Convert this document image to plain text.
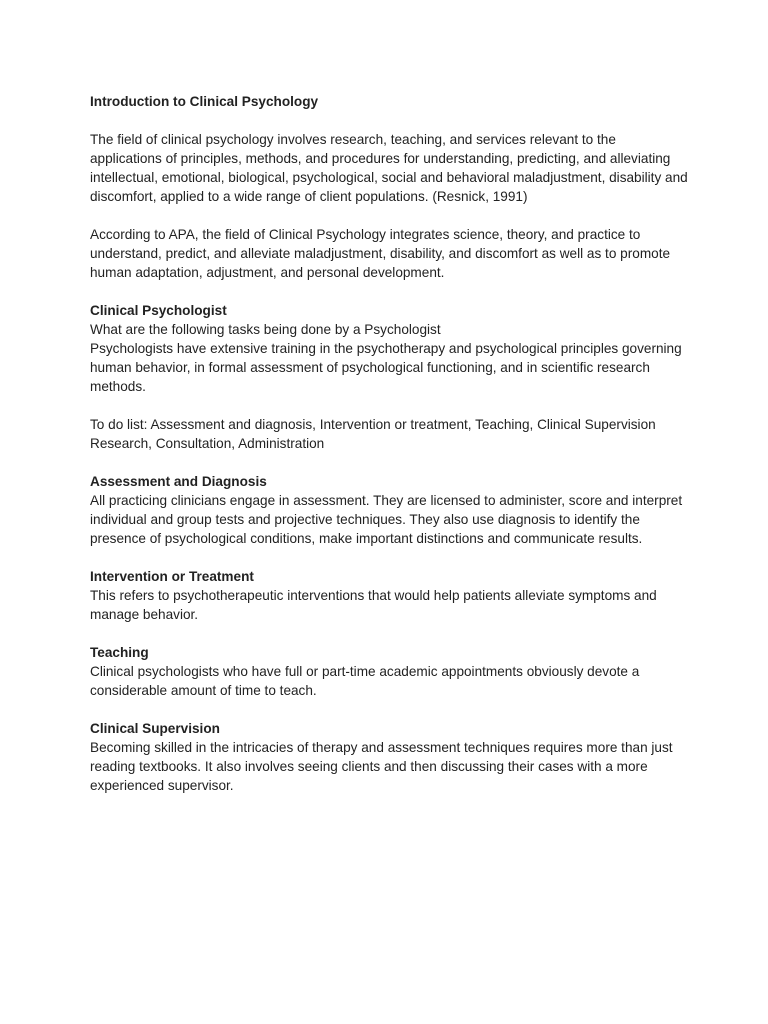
Introduction to Clinical Psychology

The field of clinical psychology involves research, teaching, and services relevant to the applications of principles, methods, and procedures for understanding, predicting, and alleviating intellectual, emotional, biological, psychological, social and behavioral maladjustment, disability and discomfort, applied to a wide range of client populations. (Resnick, 1991)

According to APA, the field of Clinical Psychology integrates science, theory, and practice to understand, predict, and alleviate maladjustment, disability, and discomfort as well as to promote human adaptation, adjustment, and personal development.

Clinical Psychologist
What are the following tasks being done by a Psychologist
Psychologists have extensive training in the psychotherapy and psychological principles governing human behavior, in formal assessment of psychological functioning, and in scientific research methods.

To do list: Assessment and diagnosis, Intervention or treatment, Teaching, Clinical Supervision Research, Consultation, Administration

Assessment and Diagnosis
All practicing clinicians engage in assessment. They are licensed to administer, score and interpret individual and group tests and projective techniques. They also use diagnosis to identify the presence of psychological conditions, make important distinctions and communicate results.
Intervention or Treatment
This refers to psychotherapeutic interventions that would help patients alleviate symptoms and manage behavior.
Teaching
Clinical psychologists who have full or part-time academic appointments obviously devote a considerable amount of time to teach.
Clinical Supervision
Becoming skilled in the intricacies of therapy and assessment techniques requires more than just reading textbooks. It also involves seeing clients and then discussing their cases with a more experienced supervisor.
